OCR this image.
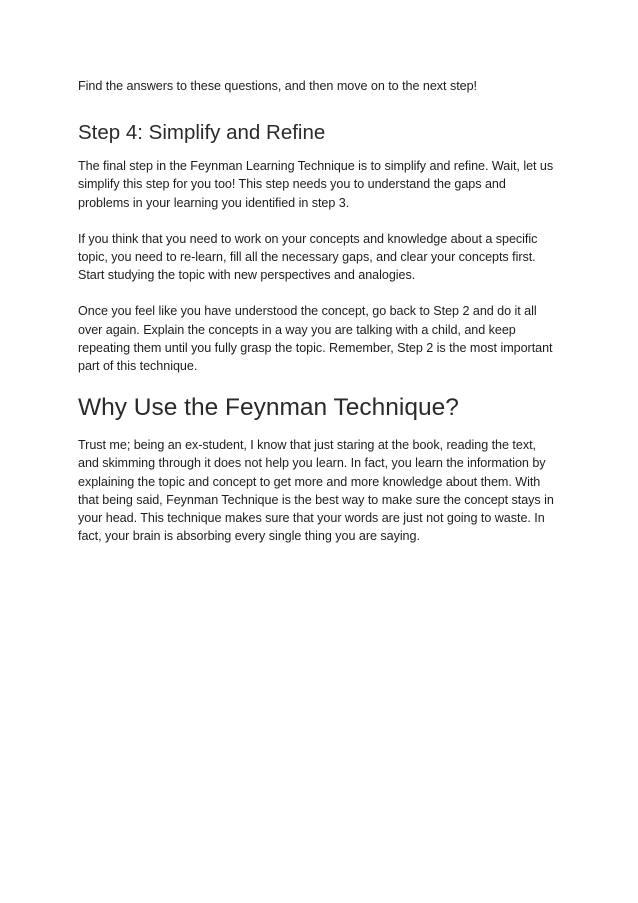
Find the answers to these questions, and then move on to the next step!

Step 4: Simplify and Refine

The final step in the Feynman Learning Technique is to simplify and refine. Wait, let us simplify this step for you too! This step needs you to understand the gaps and problems in your learning you identified in step 3.

If you think that you need to work on your concepts and knowledge about a specific topic, you need to re-learn, fill all the necessary gaps, and clear your concepts first. Start studying the topic with new perspectives and analogies.

Once you feel like you have understood the concept, go back to Step 2 and do it all over again. Explain the concepts in a way you are talking with a child, and keep repeating them until you fully grasp the topic. Remember, Step 2 is the most important part of this technique.

Why Use the Feynman Technique?

Trust me; being an ex-student, I know that just staring at the book, reading the text, and skimming through it does not help you learn. In fact, you learn the information by explaining the topic and concept to get more and more knowledge about them. With that being said, Feynman Technique is the best way to make sure the concept stays in your head. This technique makes sure that your words are just not going to waste. In fact, your brain is absorbing every single thing you are saying.
